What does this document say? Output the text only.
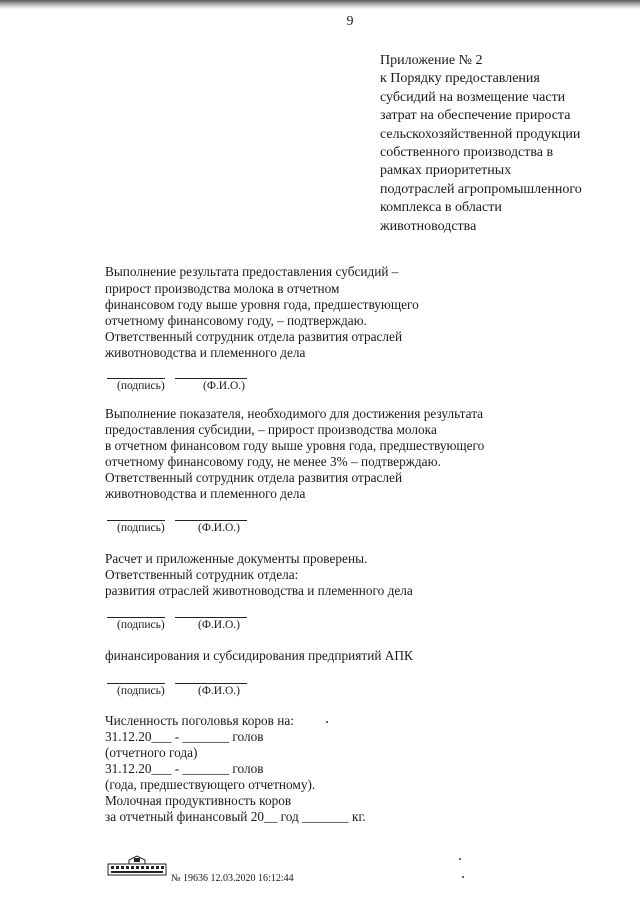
9
Приложение № 2
к Порядку предоставления
субсидий на возмещение части
затрат на обеспечение прироста
сельскохозяйственной продукции
собственного производства в
рамках приоритетных
подотраслей агропромышленного
комплекса в области
животноводства
Выполнение результата предоставления субсидий –
прирост производства молока в отчетном
финансовом году выше уровня года, предшествующего
отчетному финансовому году, – подтверждаю.
Ответственный сотрудник отдела развития отраслей
животноводства и племенного дела
(подпись)	(Ф.И.О.)
Выполнение показателя, необходимого для достижения результата
предоставления субсидии, – прирост производства молока
в отчетном финансовом году выше уровня года, предшествующего
отчетному финансовому году, не менее 3% – подтверждаю.
Ответственный сотрудник отдела развития отраслей
животноводства и племенного дела
(подпись)	(Ф.И.О.)
Расчет и приложенные документы проверены.
Ответственный сотрудник отдела:
развития отраслей животноводства и племенного дела
(подпись)	(Ф.И.О.)
финансирования и субсидирования предприятий АПК
(подпись)	(Ф.И.О.)
Численность поголовья коров на:
31.12.20___ - _______ голов
(отчетного года)
31.12.20___ - _______ голов
(года, предшествующего отчетному).
Молочная продуктивность коров
за отчетный финансовый 20__ год _______ кг.
№ 19636 12.03.2020 16:12:44
